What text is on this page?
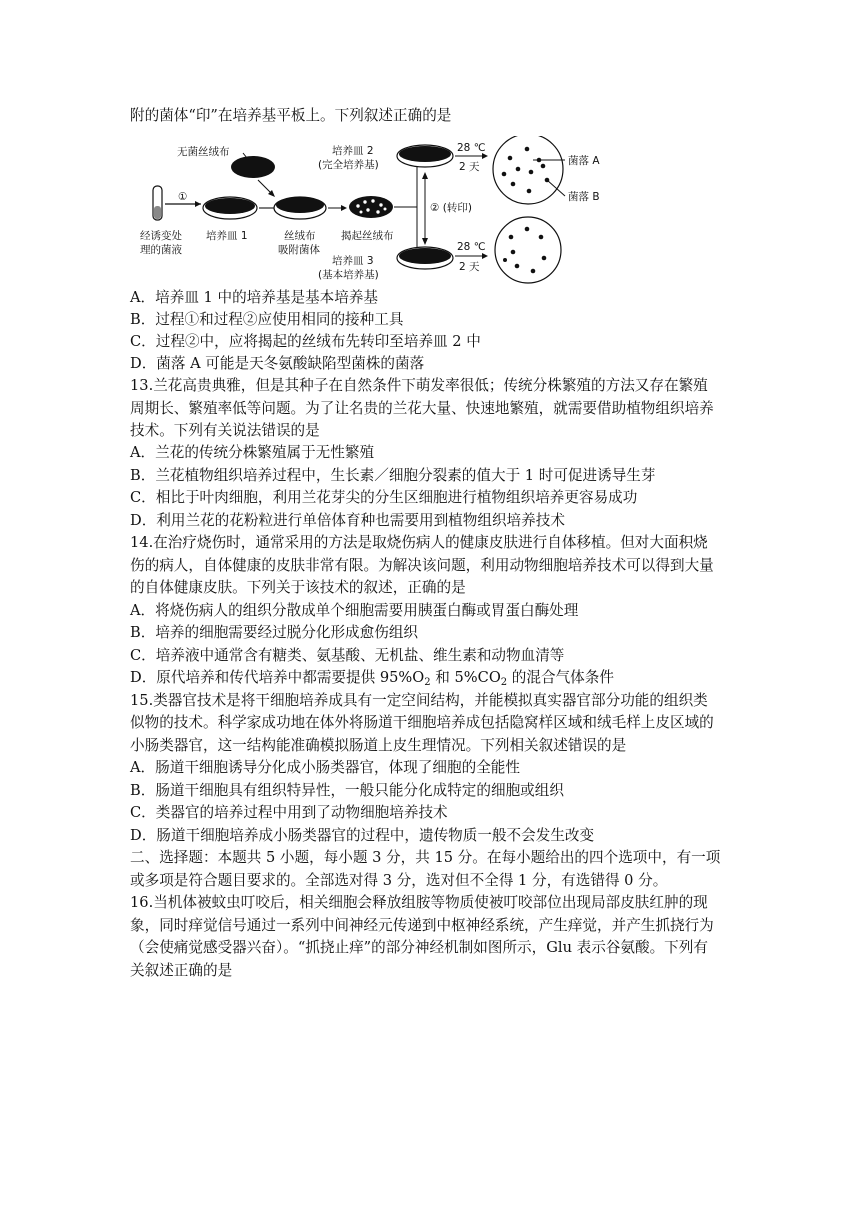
附的菌体“印”在培养基平板上。下列叙述正确的是
无菌丝绒布
①
经诱变处
理的菌液
培养皿 1	丝绒布
吸附菌体
揭起丝绒布
② (转印)
培养皿 2
(完全培养基)
28 ℃
2 天
培养皿 3
(基本培养基)
28 ℃
2 天
菌落 A
菌落 B
A．培养皿 1 中的培养基是基本培养基
B．过程①和过程②应使用相同的接种工具
C．过程②中，应将揭起的丝绒布先转印至培养皿 2 中
D．菌落 A 可能是天冬氨酸缺陷型菌株的菌落
13.兰花高贵典雅，但是其种子在自然条件下萌发率很低；传统分株繁殖的方法又存在繁殖
周期长、繁殖率低等问题。为了让名贵的兰花大量、快速地繁殖，就需要借助植物组织培养
技术。下列有关说法错误的是
A．兰花的传统分株繁殖属于无性繁殖
B．兰花植物组织培养过程中，生长素／细胞分裂素的值大于 1 时可促进诱导生芽
C．相比于叶肉细胞，利用兰花芽尖的分生区细胞进行植物组织培养更容易成功
D．利用兰花的花粉粒进行单倍体育种也需要用到植物组织培养技术
14.在治疗烧伤时，通常采用的方法是取烧伤病人的健康皮肤进行自体移植。但对大面积烧
伤的病人，自体健康的皮肤非常有限。为解决该问题，利用动物细胞培养技术可以得到大量
的自体健康皮肤。下列关于该技术的叙述，正确的是
A．将烧伤病人的组织分散成单个细胞需要用胰蛋白酶或胃蛋白酶处理
B．培养的细胞需要经过脱分化形成愈伤组织
C．培养液中通常含有糖类、氨基酸、无机盐、维生素和动物血清等
D．原代培养和传代培养中都需要提供 $95\%O_2$ 和 $5\%CO_2$ 的混合气体条件
15.类器官技术是将干细胞培养成具有一定空间结构，并能模拟真实器官部分功能的组织类
似物的技术。科学家成功地在体外将肠道干细胞培养成包括隐窝样区域和绒毛样上皮区域的
小肠类器官，这一结构能准确模拟肠道上皮生理情况。下列相关叙述错误的是
A．肠道干细胞诱导分化成小肠类器官，体现了细胞的全能性
B．肠道干细胞具有组织特异性，一般只能分化成特定的细胞或组织
C．类器官的培养过程中用到了动物细胞培养技术
D．肠道干细胞培养成小肠类器官的过程中，遗传物质一般不会发生改变
二、选择题：本题共 5 小题，每小题 3 分，共 15 分。在每小题给出的四个选项中，有一项
或多项是符合题目要求的。全部选对得 3 分，选对但不全得 1 分，有选错得 0 分。
16.当机体被蚊虫叮咬后，相关细胞会释放组胺等物质使被叮咬部位出现局部皮肤红肿的现
象，同时痒觉信号通过一系列中间神经元传递到中枢神经系统，产生痒觉，并产生抓挠行为
（会使痛觉感受器兴奋）。“抓挠止痒”的部分神经机制如图所示，Glu 表示谷氨酸。下列有
关叙述正确的是
